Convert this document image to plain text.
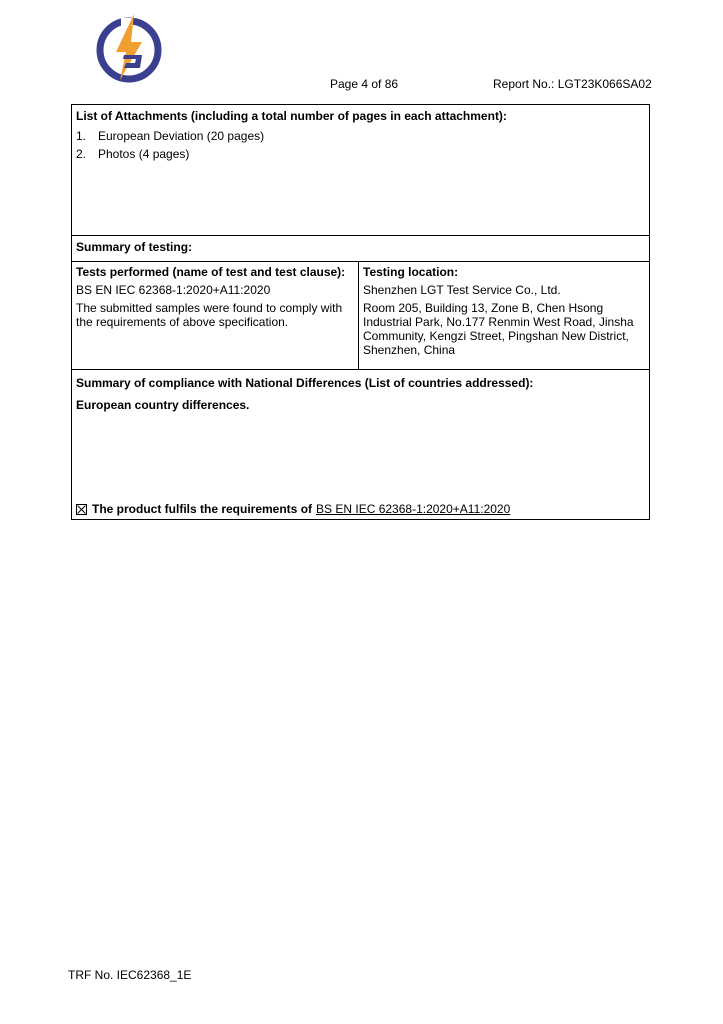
Page 4 of 86	Report No.: LGT23K066SA02
List of Attachments (including a total number of pages in each attachment):
1. European Deviation (20 pages)
2. Photos (4 pages)
Summary of testing:
Tests performed (name of test and test clause):
BS EN IEC 62368-1:2020+A11:2020
The submitted samples were found to comply with
the requirements of above specification.
Testing location:
Shenzhen LGT Test Service Co., Ltd.
Room 205, Building 13, Zone B, Chen Hsong
Industrial Park, No.177 Renmin West Road, Jinsha
Community, Kengzi Street, Pingshan New District,
Shenzhen, China
Summary of compliance with National Differences (List of countries addressed):
European country differences.
The product fulfils the requirements of BS EN IEC 62368-1:2020+A11:2020
TRF No. IEC62368_1E
